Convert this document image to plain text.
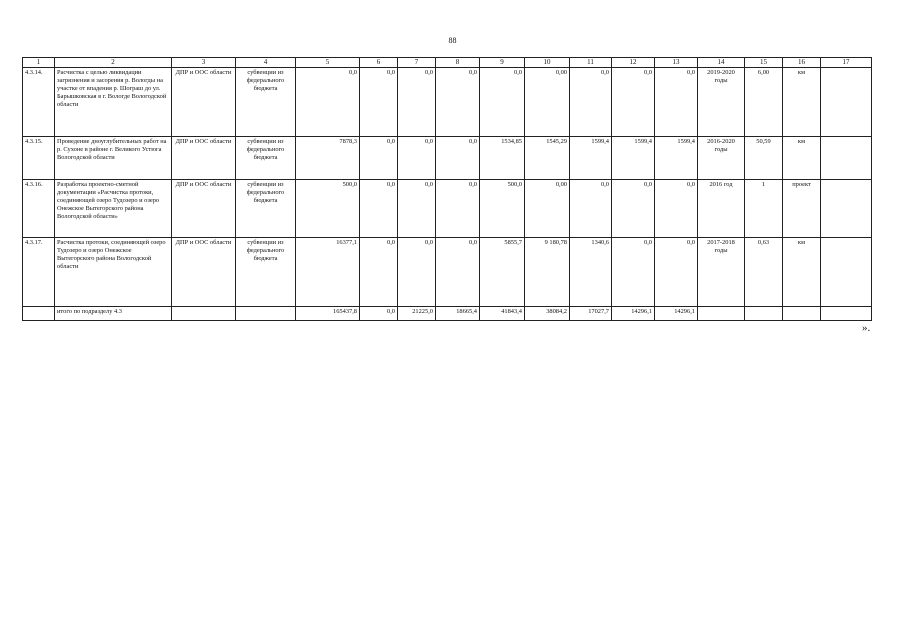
88
1	2	3	4	5	6	7	8	9	10	11	12	13	14	15	16	17
4.3.14.	Расчистка с целью ликвидации загрязнения и засорения р. Вологды на участке от впадения р. Шограш до ул. Барышковская в г. Вологде Вологодской области	ДПР и ООС области	субвенции из федерального бюджета	0,0	0,0	0,0	0,0	0,0	0,00	0,0	0,0	0,0	2019-2020 годы	6,00	км	
4.3.15.	Проведение дноуглубительных работ на р. Сухоне в районе г. Великого Устюга Вологодской области	ДПР и ООС области	субвенции из федерального бюджета	7878,3	0,0	0,0	0,0	1534,85	1545,29	1599,4	1599,4	1599,4	2016-2020 годы	50,59	км	
4.3.16.	Разработка проектно-сметной документации «Расчистка протоки, соединяющей озеро Тудозеро и озеро Онежское Вытегорского района Вологодской области»	ДПР и ООС области	субвенции из федерального бюджета	500,0	0,0	0,0	0,0	500,0	0,00	0,0	0,0	0,0	2016 год	1	проект	
4.3.17.	Расчистка протоки, соединяющей озеро Тудозеро и озеро Онежское Вытегорского района Вологодской области	ДПР и ООС области	субвенции из федерального бюджета	16377,1	0,0	0,0	0,0	5855,7	9 180,78	1340,6	0,0	0,0	2017-2018 годы	0,63	км	
	итого по подразделу 4.3			165437,8	0,0	21225,0	18665,4	41843,4	38084,2	17027,7	14296,1	14296,1				
».
